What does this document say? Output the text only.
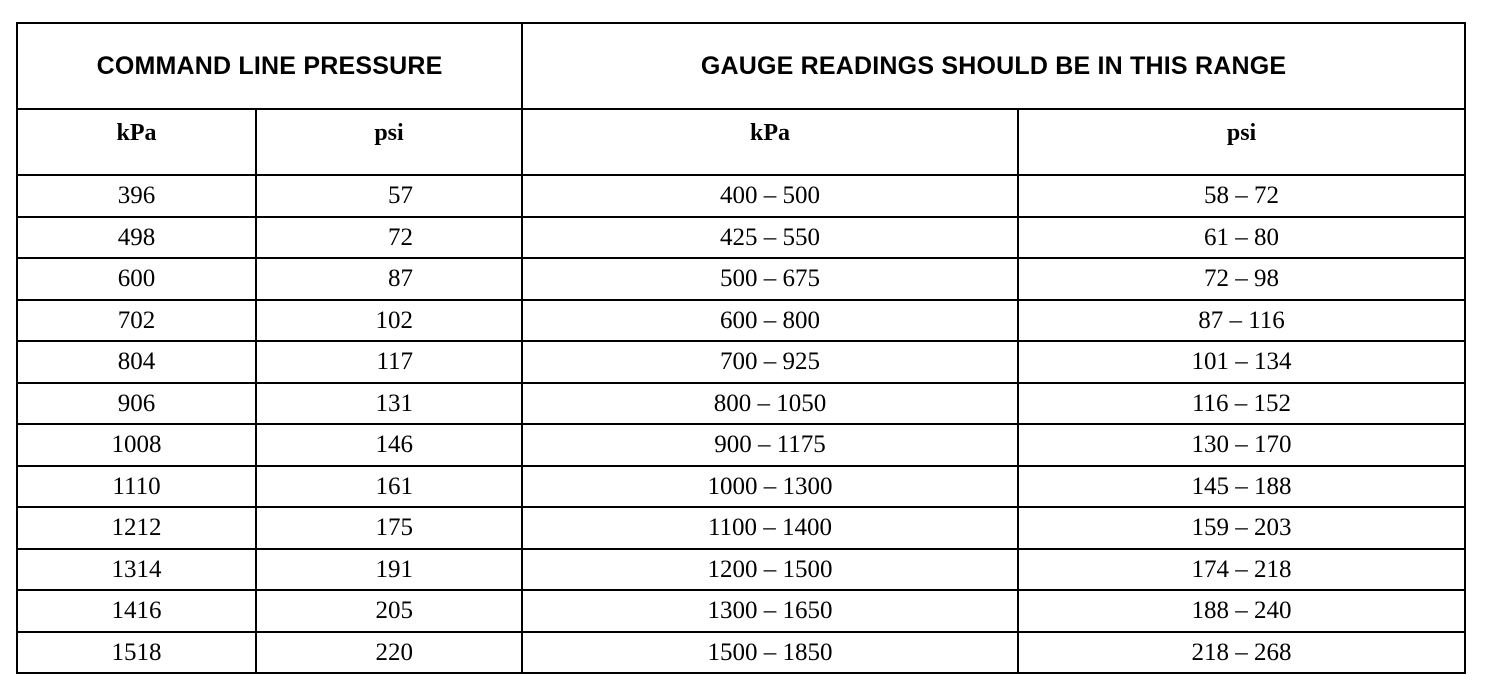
COMMAND LINE PRESSURE		GAUGE READINGS SHOULD BE IN THIS RANGE	
kPa	psi	kPa	psi
396	57	400 – 500	58 – 72
498	72	425 – 550	61 – 80
600	87	500 – 675	72 – 98
702	102	600 – 800	87 – 116
804	117	700 – 925	101 – 134
906	131	800 – 1050	116 – 152
1008	146	900 – 1175	130 – 170
1110	161	1000 – 1300	145 – 188
1212	175	1100 – 1400	159 – 203
1314	191	1200 – 1500	174 – 218
1416	205	1300 – 1650	188 – 240
1518	220	1500 – 1850	218 – 268
